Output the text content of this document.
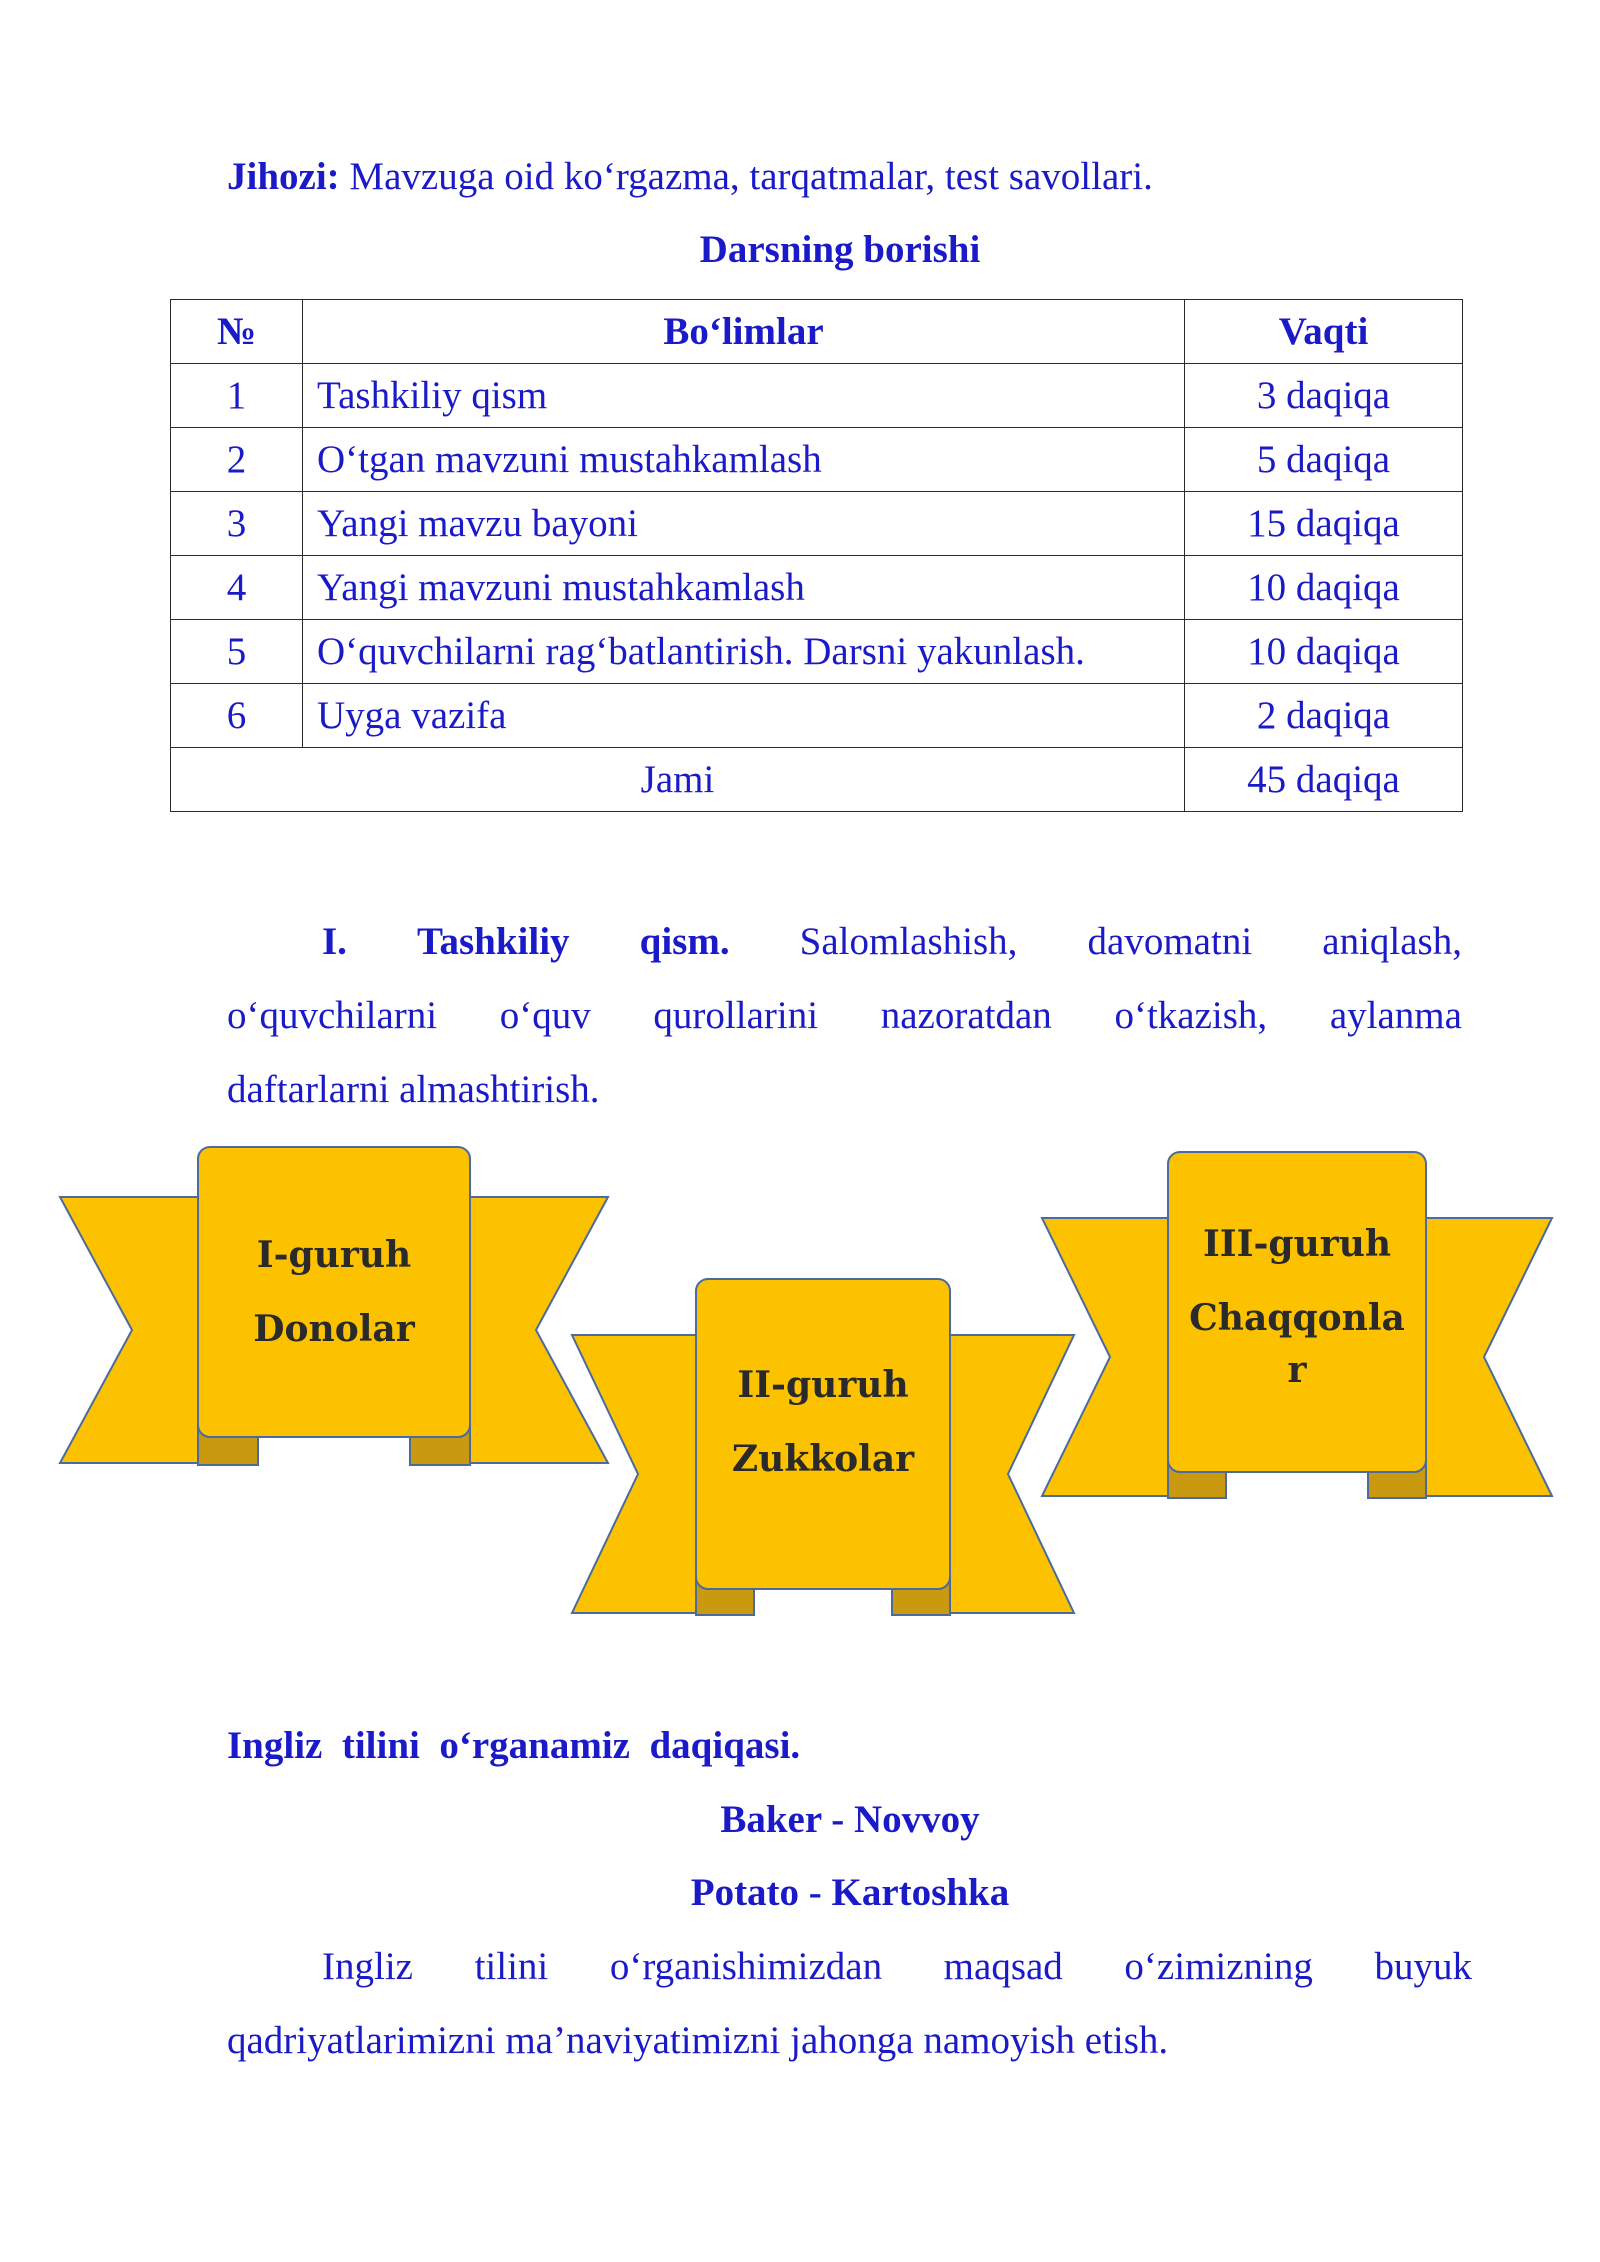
Jihozi: Mavzuga oid koʻrgazma, tarqatmalar, test savollari.
Darsning borishi
№	Boʻlimlar	Vaqti
1	Tashkiliy qism	3 daqiqa
2	Oʻtgan mavzuni mustahkamlash	5 daqiqa
3	Yangi mavzu bayoni	15 daqiqa
4	Yangi mavzuni mustahkamlash	10 daqiqa
5	Oʻquvchilarni ragʻbatlantirish. Darsni yakunlash.	10 daqiqa
6	Uyga vazifa	2 daqiqa
Jami		45 daqiqa
I. Tashkiliy qism. Salomlashish, davomatni aniqlash,
oʻquvchilarni oʻquv qurollarini nazoratdan oʻtkazish, aylanma
daftarlarni almashtirish.
I-guruh
Donolar
II-guruh
Zukkolar
III-guruh
Chaqqonla
r
Ingliz  tilini  oʻrganamiz  daqiqasi.
Baker - Novvoy
Potato - Kartoshka
Ingliz tilini oʻrganishimizdan maqsad oʻzimizning buyuk
qadriyatlarimizni maʼnaviyatimizni jahonga namoyish etish.
